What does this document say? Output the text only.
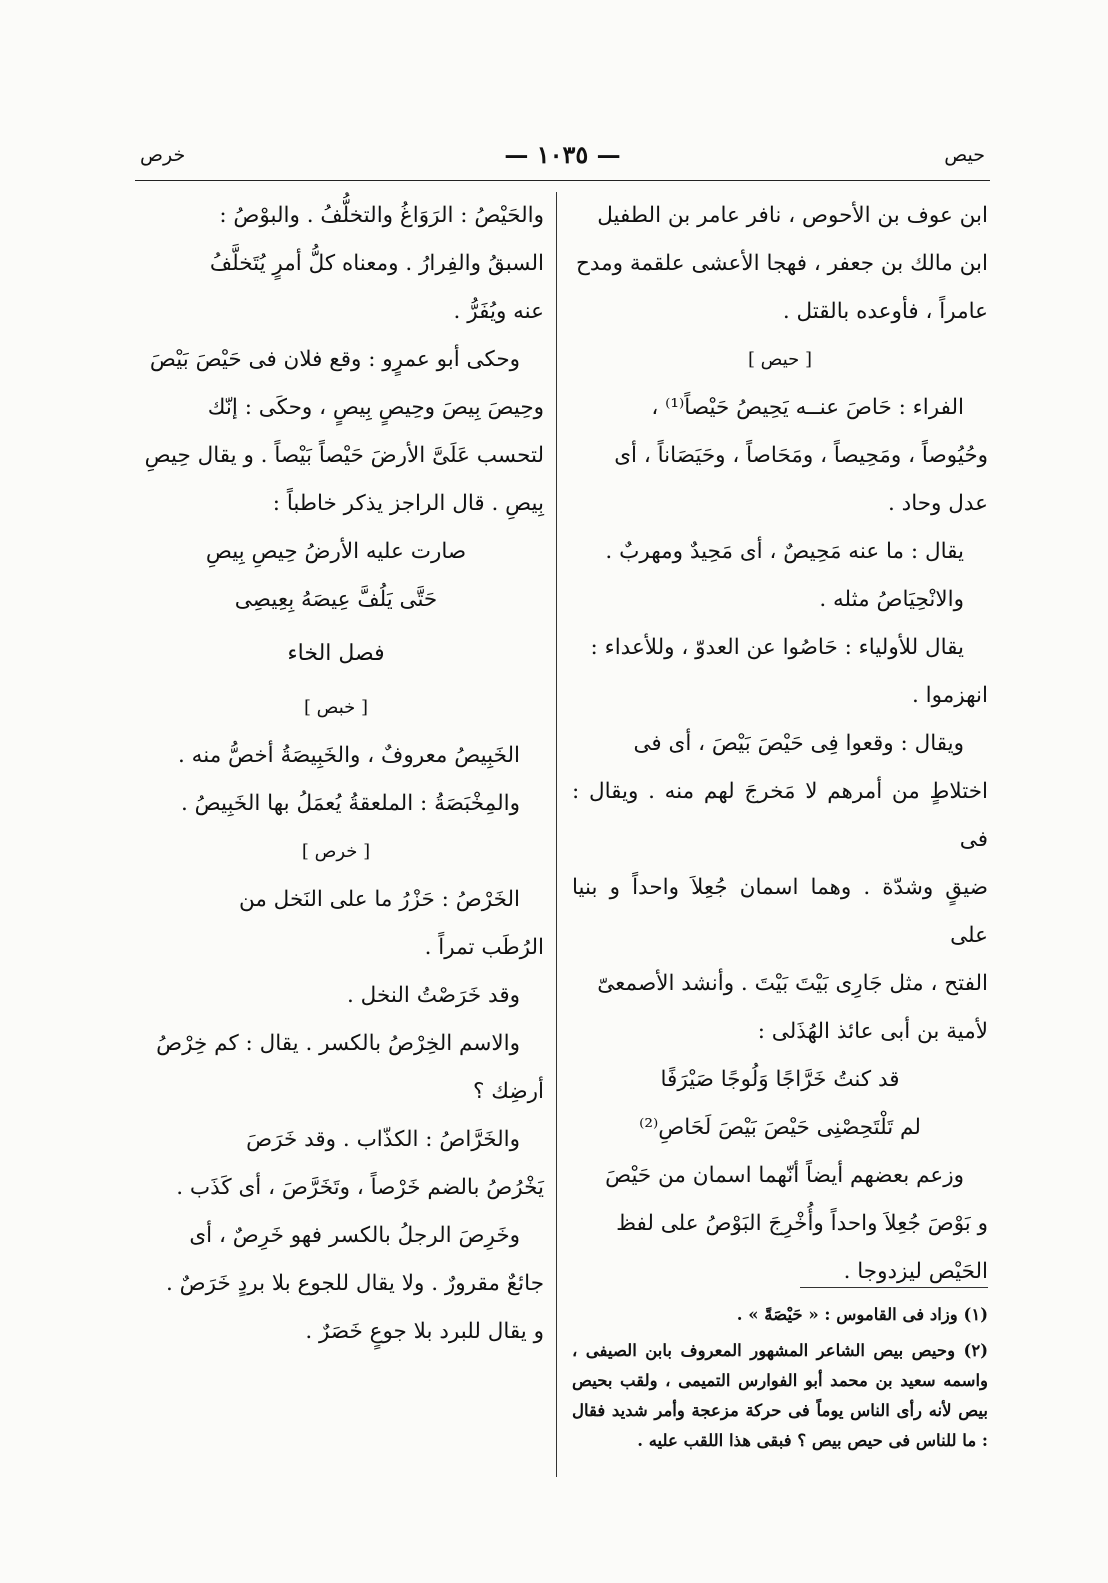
خرص	— ١٠٣٥ —	حيص

ابن عوف بن الأحوص ، نافر عامر بن الطفيل

ابن مالك بن جعفر ، فهجا الأعشى علقمة ومدح

عامراً ، فأوعده بالقتل .

[ حيص ]

الفراء : حَاصَ عنــه يَحِيصُ حَيْصاً⁽¹⁾ ،

وحُيُوصاً ، ومَحِيصاً ، ومَحَاصاً ، وحَيَصَاناً ، أى

عدل وحاد .

يقال : ما عنه مَحِيصٌ ، أى مَحِيدٌ ومهربٌ .

والانْحِيَاصُ مثله .

يقال للأولياء : حَاصُوا عن العدوّ ، وللأعداء :

انهزموا .

ويقال : وقعوا فِى حَيْصَ بَيْصَ ، أى فى

اختلاطٍ من أمرهم لا مَخرجَ لهم منه . ويقال : فى

ضيقٍ وشدّة . وهما اسمان جُعِلاَ واحداً و بنيا على

الفتح ، مثل جَارِى بَيْتَ بَيْتَ . وأنشد الأصمعىّ

لأمية بن أبى عائذ الهُذَلى :

قد كنتُ خَرَّاجًا وَلُوجًا صَيْرَفًا

لم تَلْتَحِصْنِى حَيْصَ بَيْصَ لَحَاصِ⁽²⁾

وزعم بعضهم أيضاً أنّهما اسمان من حَيْصَ

و بَوْصَ جُعِلاَ واحداً وأُخْرِجَ البَوْصُ على لفظ

الحَيْص ليزدوجا .

والحَيْصُ : الرَوَاغُ والتخلُّفُ . والبوْصُ :

السبقُ والفِرارُ . ومعناه كلُّ أمرٍ يُتَخلَّفُ

عنه ويُفَرُّ .

وحكى أبو عمرٍو : وقع فلان فى حَيْصَ بَيْصَ

وحِيصَ بِيصَ وحِيصٍ بِيصٍ ، وحكَى : إنّك

لتحسب عَلَىَّ الأرضَ حَيْصاً بَيْصاً . و يقال حِيصِ

بِيصِ . قال الراجز يذكر خاطباً :

صارت عليه الأرضُ حِيصِ بِيصِ

حَتَّى يَلُفَّ عِيصَهُ بِعِيصِى

فصل الخاء

[ خبص ]

الخَبِيصُ معروفٌ ، والخَبِيصَةُ أخصُّ منه .

والمِخْبَصَةُ : الملعقةُ يُعمَلُ بها الخَبِيصُ .

[ خرص ]

الخَرْصُ : حَزْرُ ما على النَخل من

الرُطَب تمراً .

وقد خَرَصْتُ النخل .

والاسم الخِرْصُ بالكسر . يقال : كم خِرْصُ

أرضِك ؟

والخَرَّاصُ : الكذّاب . وقد خَرَصَ

يَخْرُصُ بالضم خَرْصاً ، وتَخَرَّصَ ، أى كَذَب .

وخَرِصَ الرجلُ بالكسر فهو خَرِصٌ ، أى

جائعٌ مقرورٌ . ولا يقال للجوع بلا بردٍ خَرَصٌ .

و يقال للبرد بلا جوعٍ خَصَرٌ .

(١) وزاد فى القاموس : « حَيْصَةً » .

(٢) وحيص بيص الشاعر المشهور المعروف بابن الصيفى ، واسمه سعيد بن محمد أبو الفوارس التميمى ، ولقب بحيص بيص لأنه رأى الناس يوماً فى حركة مزعجة وأمر شديد فقال : ما للناس فى حيص بيص ؟ فبقى هذا اللقب عليه .
